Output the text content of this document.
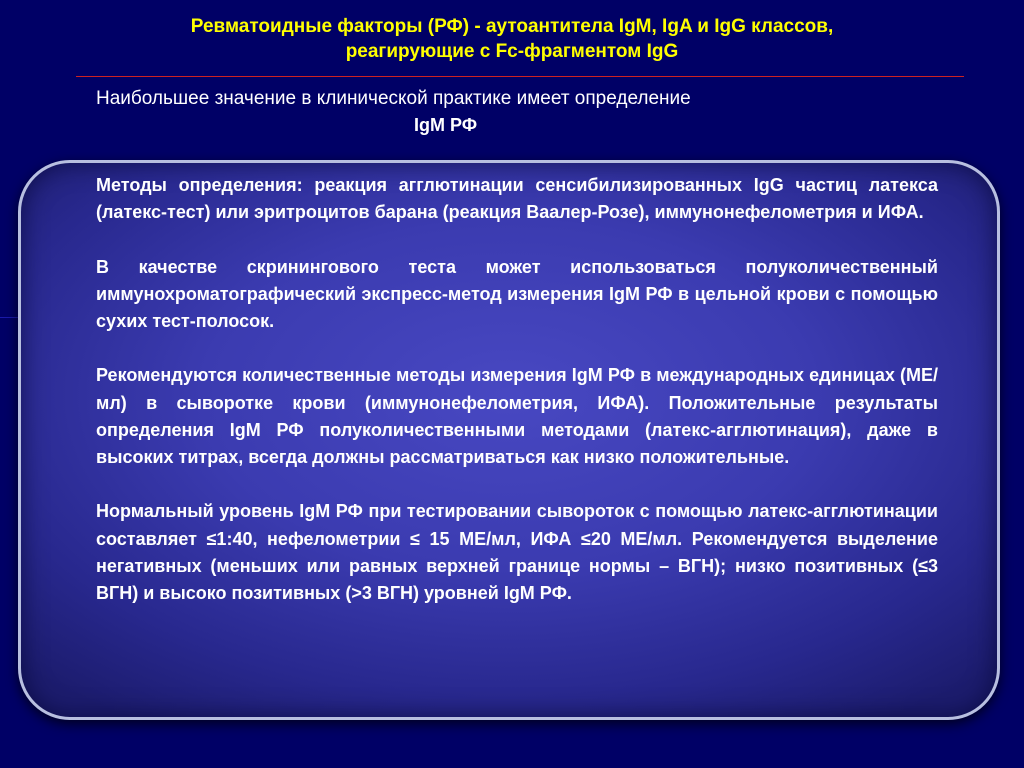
Ревматоидные факторы (РФ) - аутоантитела IgM, IgA и IgG классов,
реагирующие с Fc-фрагментом IgG
Наибольшее значение в клинической практике имеет определение
IgM РФ

Методы определения: реакция агглютинации сенсибилизированных IgG частиц латекса (латекс-тест) или эритроцитов барана (реакция Ваалер-Розе), иммунонефелометрия и ИФА.

В качестве скринингового теста может использоваться полуколичественный иммунохроматографический экспресс-метод измерения IgM РФ в цельной крови с помощью сухих тест-полосок.

Рекомендуются количественные методы измерения IgM РФ в международных единицах (МЕ/мл) в сыворотке крови (иммунонефелометрия, ИФА). Положительные результаты определения IgM РФ полуколичественными методами (латекс-агглютинация), даже в высоких титрах, всегда должны рассматриваться как низко положительные.

Нормальный уровень IgM РФ при тестировании сывороток с помощью латекс-агглютинации составляет ≤1:40, нефелометрии ≤ 15 МЕ/мл, ИФА ≤20 МЕ/мл. Рекомендуется выделение негативных (меньших или равных верхней границе нормы – ВГН); низко позитивных (≤3 ВГН) и высоко позитивных (>3 ВГН) уровней IgM РФ.
